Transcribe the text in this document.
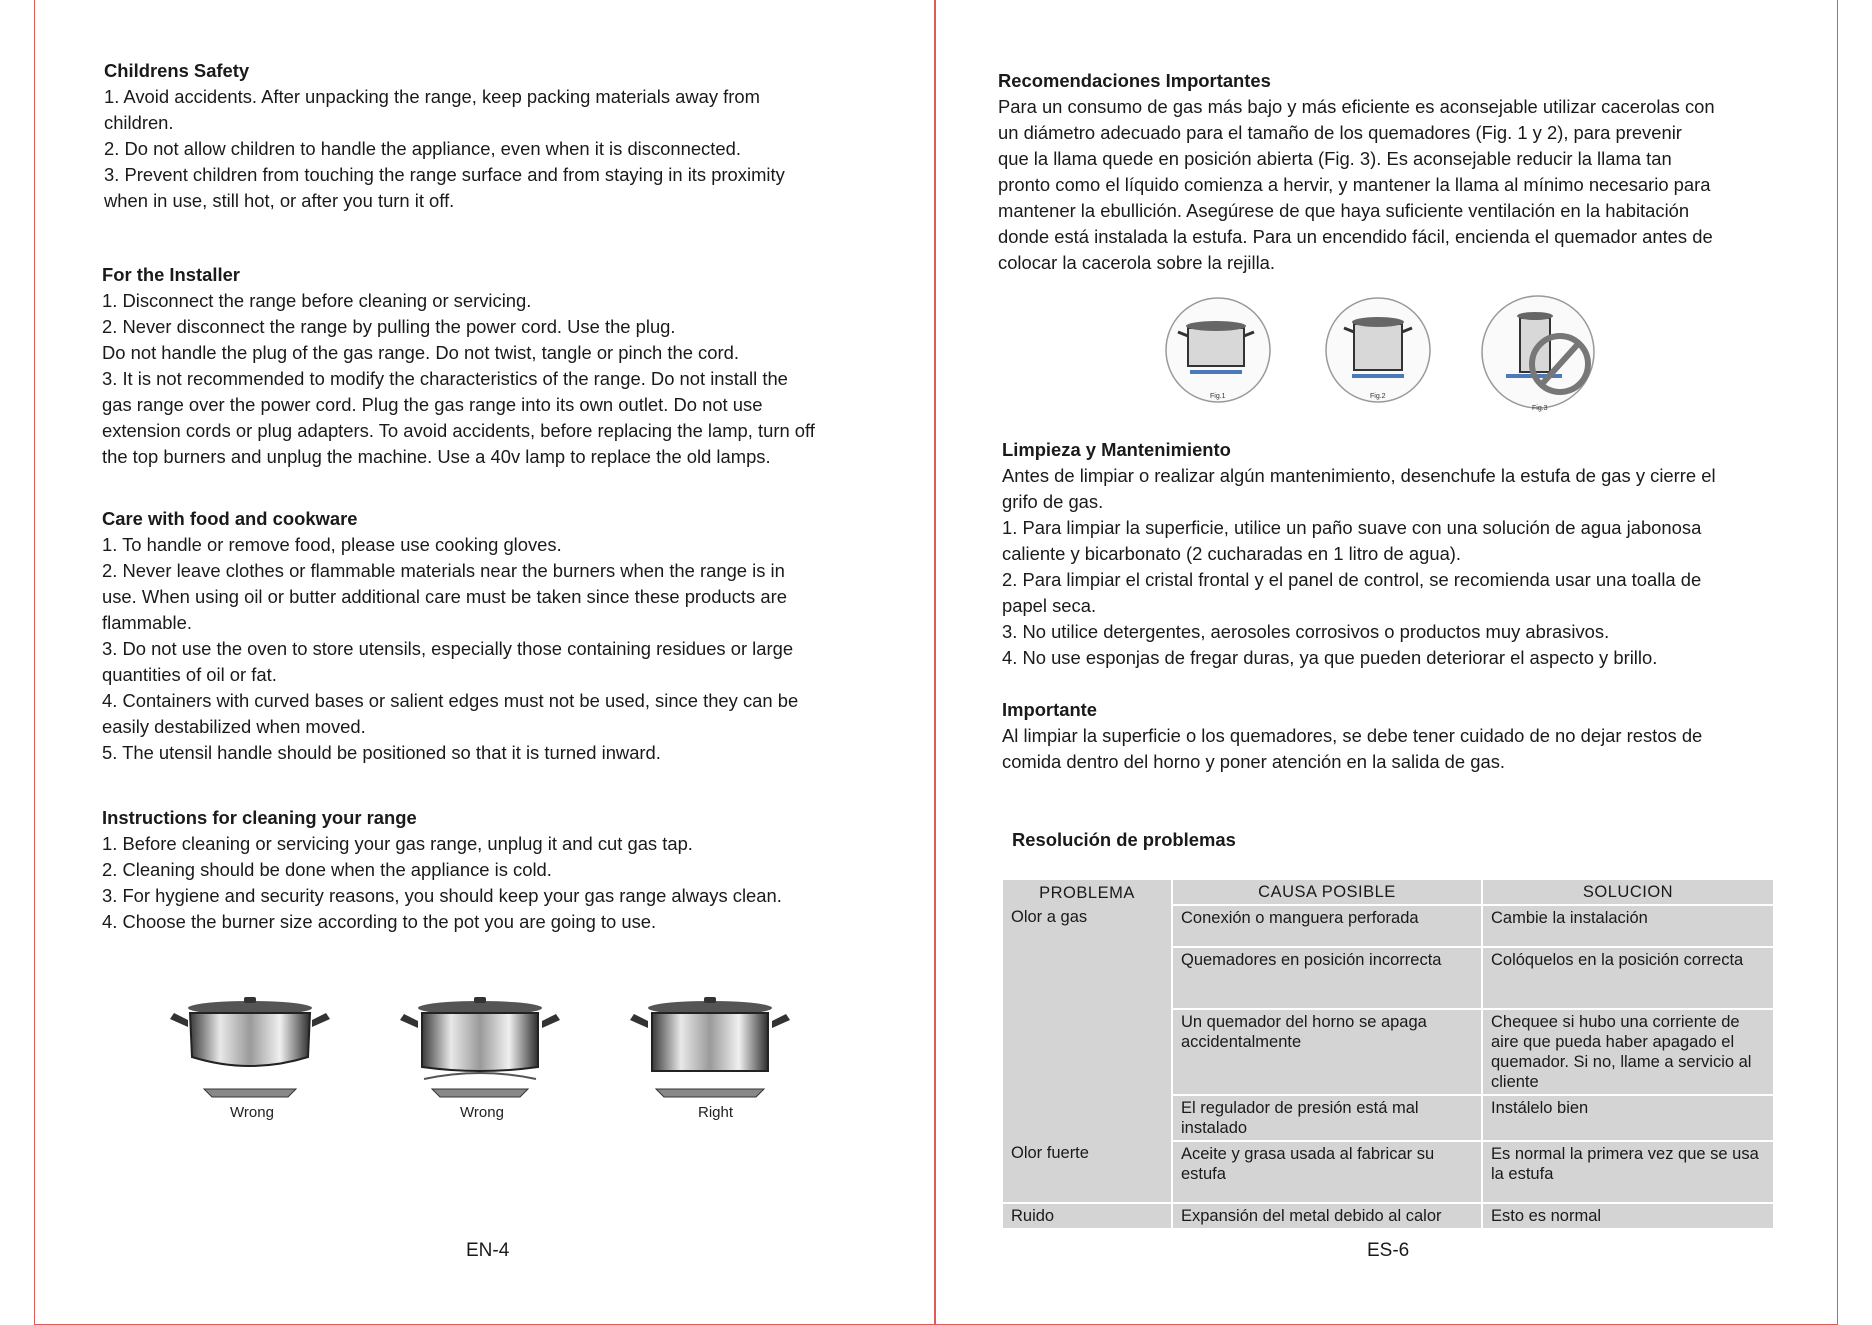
Childrens Safety

1. Avoid accidents. After unpacking the range, keep packing materials away from

children.

2. Do not allow children to handle the appliance, even when it is disconnected.

3. Prevent children from touching the range surface and from staying in its proximity

when in use, still hot, or after you turn it off.

For the Installer

1. Disconnect the range before cleaning or servicing.

2. Never disconnect the range by pulling the power cord. Use the plug.

Do not handle the plug of the gas range. Do not twist, tangle or pinch the cord.

3. It is not recommended to modify the characteristics of the range. Do not install the

gas range over the power cord. Plug the gas range into its own outlet. Do not use

extension cords or plug adapters. To avoid accidents, before replacing the lamp, turn off

the top burners and unplug the machine. Use a 40v lamp to replace the old lamps.

Care with food and cookware

1. To handle or remove food, please use cooking gloves.

2. Never leave clothes or flammable materials near the burners when the range is in

use. When using oil or butter additional care must be taken since these products are

flammable.

3. Do not use the oven to store utensils, especially those containing residues or large

quantities of oil or fat.

4. Containers with curved bases or salient edges must not be used, since they can be

easily destabilized when moved.

5. The utensil handle should be positioned so that it is turned inward.

Instructions for cleaning your range

1. Before cleaning or servicing your gas range, unplug it and cut gas tap.

2. Cleaning should be done when the appliance is cold.

3. For hygiene and security reasons, you should keep your gas range always clean.

4. Choose the burner size according to the pot you are going to use.

Wrong	Wrong	Right
EN-4
Recomendaciones Importantes

Para un consumo de gas más bajo y más eficiente es aconsejable utilizar cacerolas con

un diámetro adecuado para el tamaño de los quemadores (Fig. 1 y 2), para prevenir

que la llama quede en posición abierta (Fig. 3). Es aconsejable reducir la llama tan

pronto como el líquido comienza a hervir, y mantener la llama al mínimo necesario para

mantener la ebullición. Asegúrese de que haya suficiente ventilación en la habitación

donde está instalada la estufa. Para un encendido fácil, encienda el quemador antes de

colocar la cacerola sobre la rejilla.

Fig.1	Fig.2
Fig.3
Limpieza y Mantenimiento

Antes de limpiar o realizar algún mantenimiento, desenchufe la estufa de gas y cierre el

grifo de gas.

1. Para limpiar la superficie, utilice un paño suave con una solución de agua jabonosa

caliente y bicarbonato (2 cucharadas en 1 litro de agua).

2. Para limpiar el cristal frontal y el panel de control, se recomienda usar una toalla de

papel seca.

3. No utilice detergentes, aerosoles corrosivos o productos muy abrasivos.

4. No use esponjas de fregar duras, ya que pueden deteriorar el aspecto y brillo.

Importante

Al limpiar la superficie o los quemadores, se debe tener cuidado de no dejar restos de

comida dentro del horno y poner atención en la salida de gas.

Resolución de problemas
PROBLEMA	CAUSA POSIBLE	SOLUCION
Olor a gas	Conexión o manguera perforada	Cambie la instalación
	Quemadores en posición incorrecta	Colóquelos en la posición correcta
	Un quemador del horno se apaga accidentalmente	Chequee si hubo una corriente de aire que pueda haber apagado el quemador. Si no, llame a servicio al cliente
	El regulador de presión está mal instalado	Instálelo bien
Olor fuerte	Aceite y grasa usada al fabricar su estufa	Es normal la primera vez que se usa la estufa
Ruido	Expansión del metal debido al calor	Esto es normal
ES-6
